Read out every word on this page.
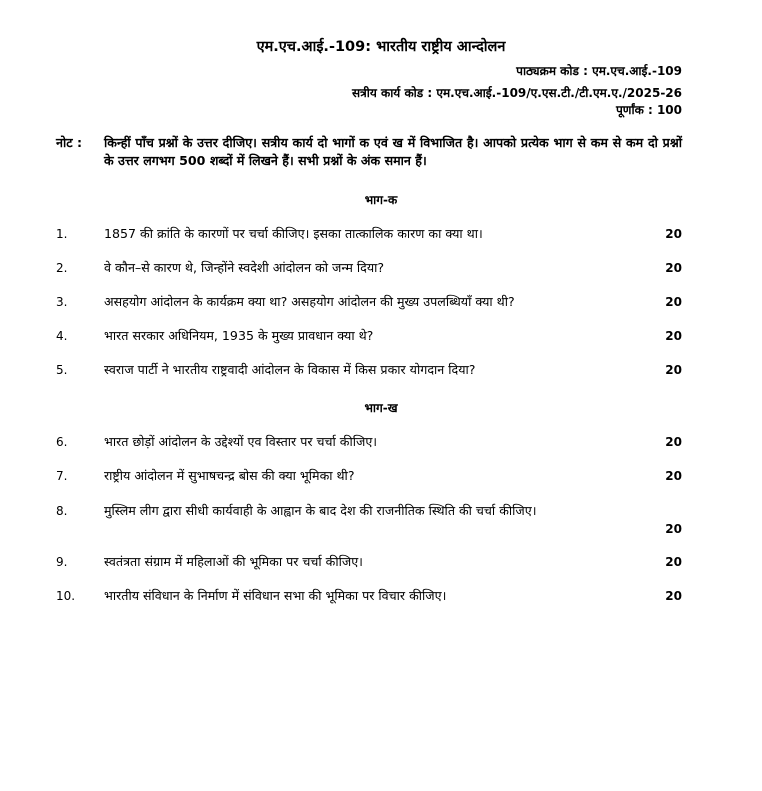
एम.एच.आई.-109: भारतीय राष्ट्रीय आन्दोलन
पाठ्यक्रम कोड : एम.एच.आई.-109
सत्रीय कार्य कोड : एम.एच.आई.-109/ए.एस.टी./टी.एम.ए./2025-26
पूर्णांक : 100
नोट :	किन्हीं पाँच प्रश्नों के उत्तर दीजिए। सत्रीय कार्य दो भागों क एवं ख में विभाजित है। आपको प्रत्येक भाग से कम से कम दो प्रश्नों के उत्तर लगभग 500 शब्दों में लिखने हैं। सभी प्रश्नों के अंक समान हैं।
भाग-क
1.	1857 की क्रांति के कारणों पर चर्चा कीजिए। इसका तात्कालिक कारण का क्या था।	20
2.	वे कौन–से कारण थे, जिन्होंने स्वदेशी आंदोलन को जन्म दिया?	20
3.	असहयोग आंदोलन के कार्यक्रम क्या था? असहयोग आंदोलन की मुख्य उपलब्धियाँ क्या थी?	20
4.	भारत सरकार अधिनियम, 1935 के मुख्य प्रावधान क्या थे?	20
5.	स्वराज पार्टी ने भारतीय राष्ट्रवादी आंदोलन के विकास में किस प्रकार योगदान दिया?	20
भाग-ख
6.	भारत छोड़ों आंदोलन के उद्देश्यों एव विस्तार पर चर्चा कीजिए।	20
7.	राष्ट्रीय आंदोलन में सुभाषचन्द्र बोस की क्या भूमिका थी?	20
8.	मुस्लिम लीग द्वारा सीधी कार्यवाही के आह्वान के बाद देश की राजनीतिक स्थिति की चर्चा कीजिए।
20
9.	स्वतंत्रता संग्राम में महिलाओं की भूमिका पर चर्चा कीजिए।	20
10. भारतीय संविधान के निर्माण में संविधान सभा की भूमिका पर विचार कीजिए।	20
